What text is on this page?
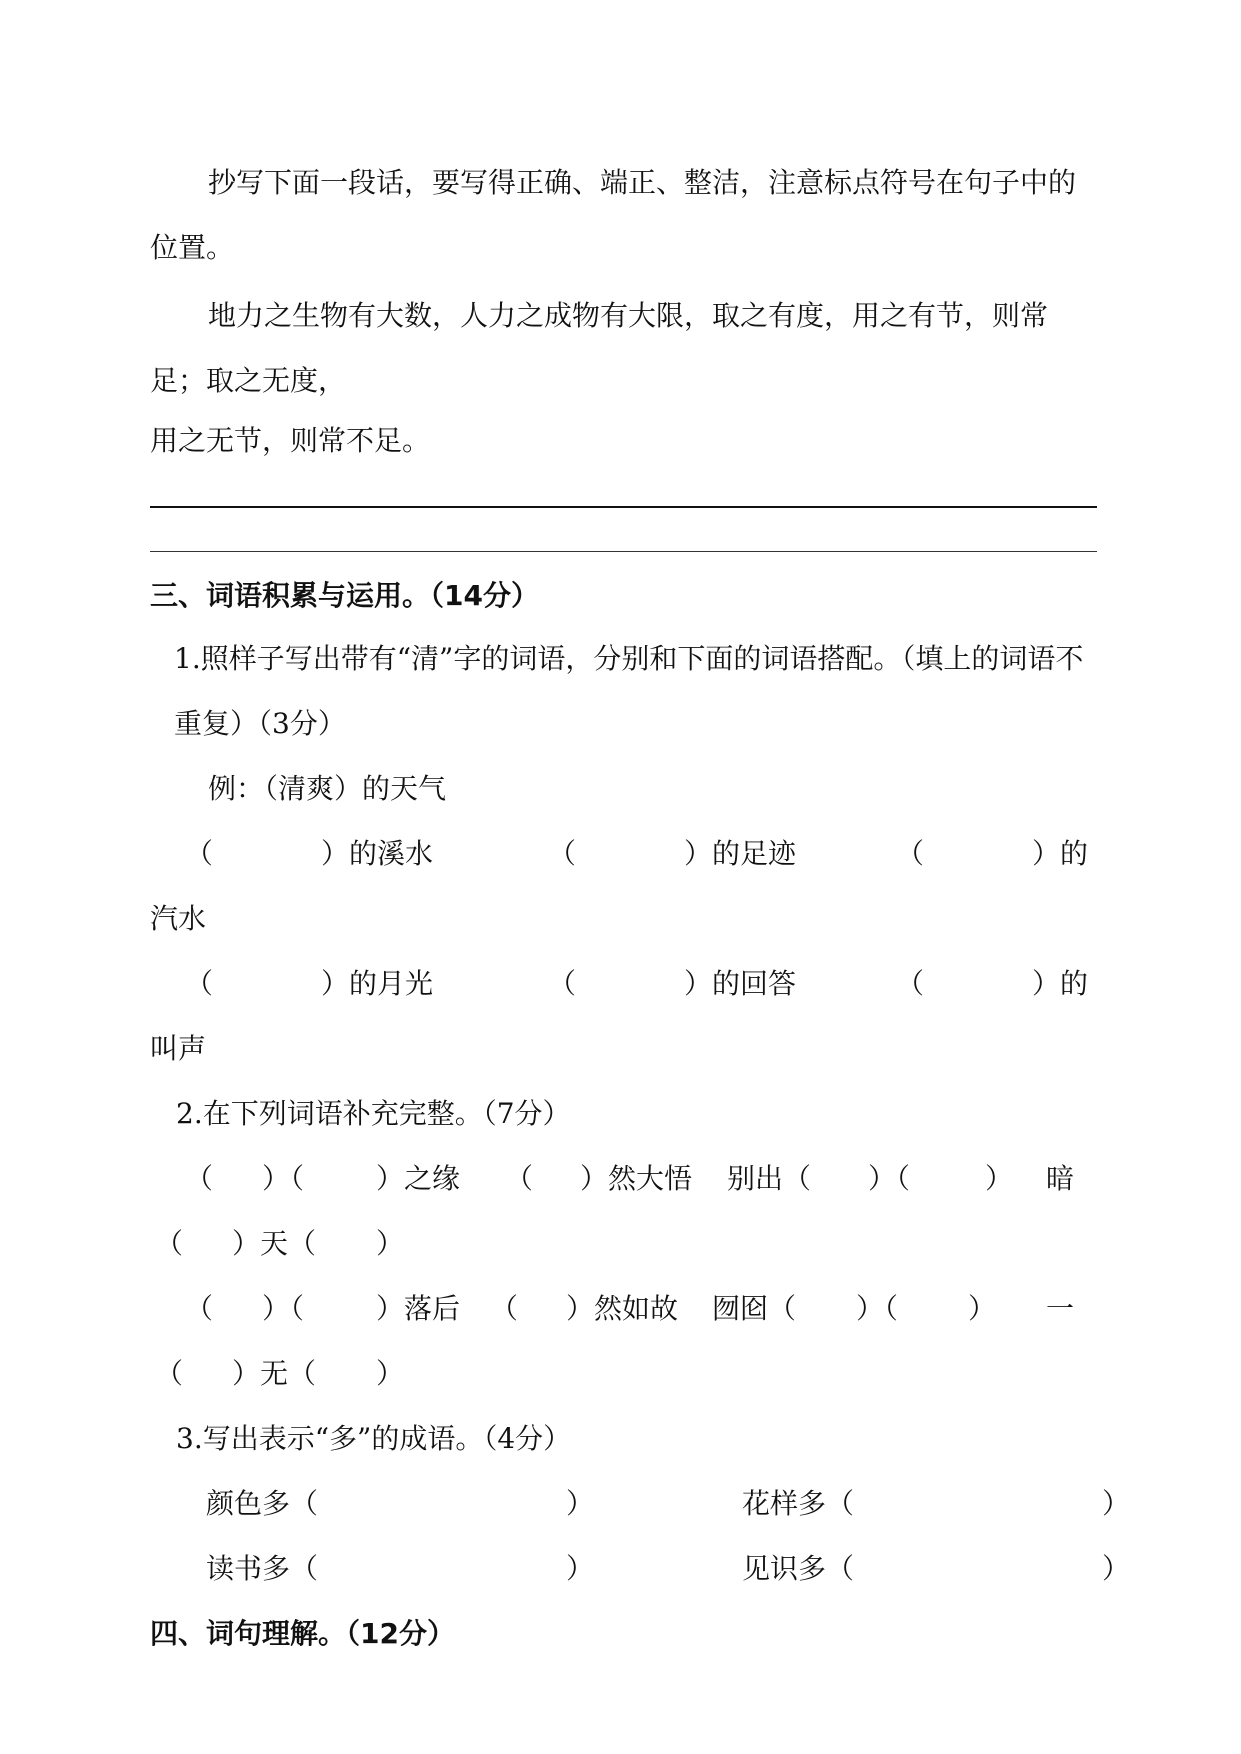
抄写下面一段话，要写得正确、端正、整洁，注意标点符号在句子中的位置。
地力之生物有大数，人力之成物有大限，取之有度，用之有节，则常足；取之无度，
用之无节，则常不足。
三、词语积累与运用。（14分）
1.照样子写出带有“清”字的词语，分别和下面的词语搭配。（填上的词语不重复）（3分）
例：（清爽）的天气
（	）的溪水	（	）的足迹	（	）的
汽水
（	）的月光	（	）的回答	（	）的
叫声
2.在下列词语补充完整。（7分）
（ ）（	）之缘 （ ）然大悟 别出（ ）（	） 暗
（ ）天（ ）
（ ）（	）落后 （ ）然如故 囫囵（ ）（ ） 一
（ ）无（ ）
3.写出表示“多”的成语。（4分）
颜色多（	）	花样多（	）
读书多（	）	见识多（	）
四、词句理解。（12分）
